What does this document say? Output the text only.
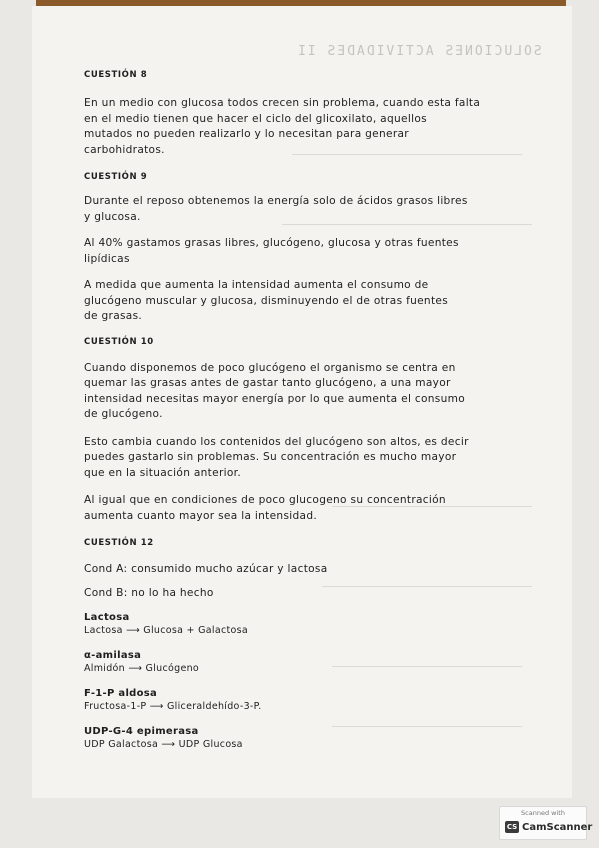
SOLUCIONES ACTIVIDADES II
CUESTIÓN 8
En un medio con glucosa todos crecen sin problema, cuando esta falta
en el medio tienen que hacer el ciclo del glicoxilato, aquellos
mutados no pueden realizarlo y lo necesitan para generar
carbohidratos.
CUESTIÓN 9
Durante el reposo obtenemos la energía solo de ácidos grasos libres
y glucosa.
Al 40% gastamos grasas libres, glucógeno, glucosa y otras fuentes
lipídicas
A medida que aumenta la intensidad aumenta el consumo de
glucógeno muscular y glucosa, disminuyendo el de otras fuentes
de grasas.
CUESTIÓN 10
Cuando disponemos de poco glucógeno el organismo se centra en
quemar las grasas antes de gastar tanto glucógeno, a una mayor
intensidad necesitas mayor energía por lo que aumenta el consumo
de glucógeno.
Esto cambia cuando los contenidos del glucógeno son altos, es decir
puedes gastarlo sin problemas. Su concentración es mucho mayor
que en la situación anterior.
Al igual que en condiciones de poco glucogeno su concentración
aumenta cuanto mayor sea la intensidad.
CUESTIÓN 12
Cond A: consumido mucho azúcar y lactosa
Cond B: no lo ha hecho
Lactosa
Lactosa ⟶ Glucosa + Galactosa
α-amilasa
Almidón ⟶ Glucógeno
F-1-P aldosa
Fructosa-1-P ⟶ Gliceraldehído-3-P.
UDP-G-4 epimerasa
UDP Galactosa ⟶ UDP Glucosa
Scanned with
CS CamScanner
